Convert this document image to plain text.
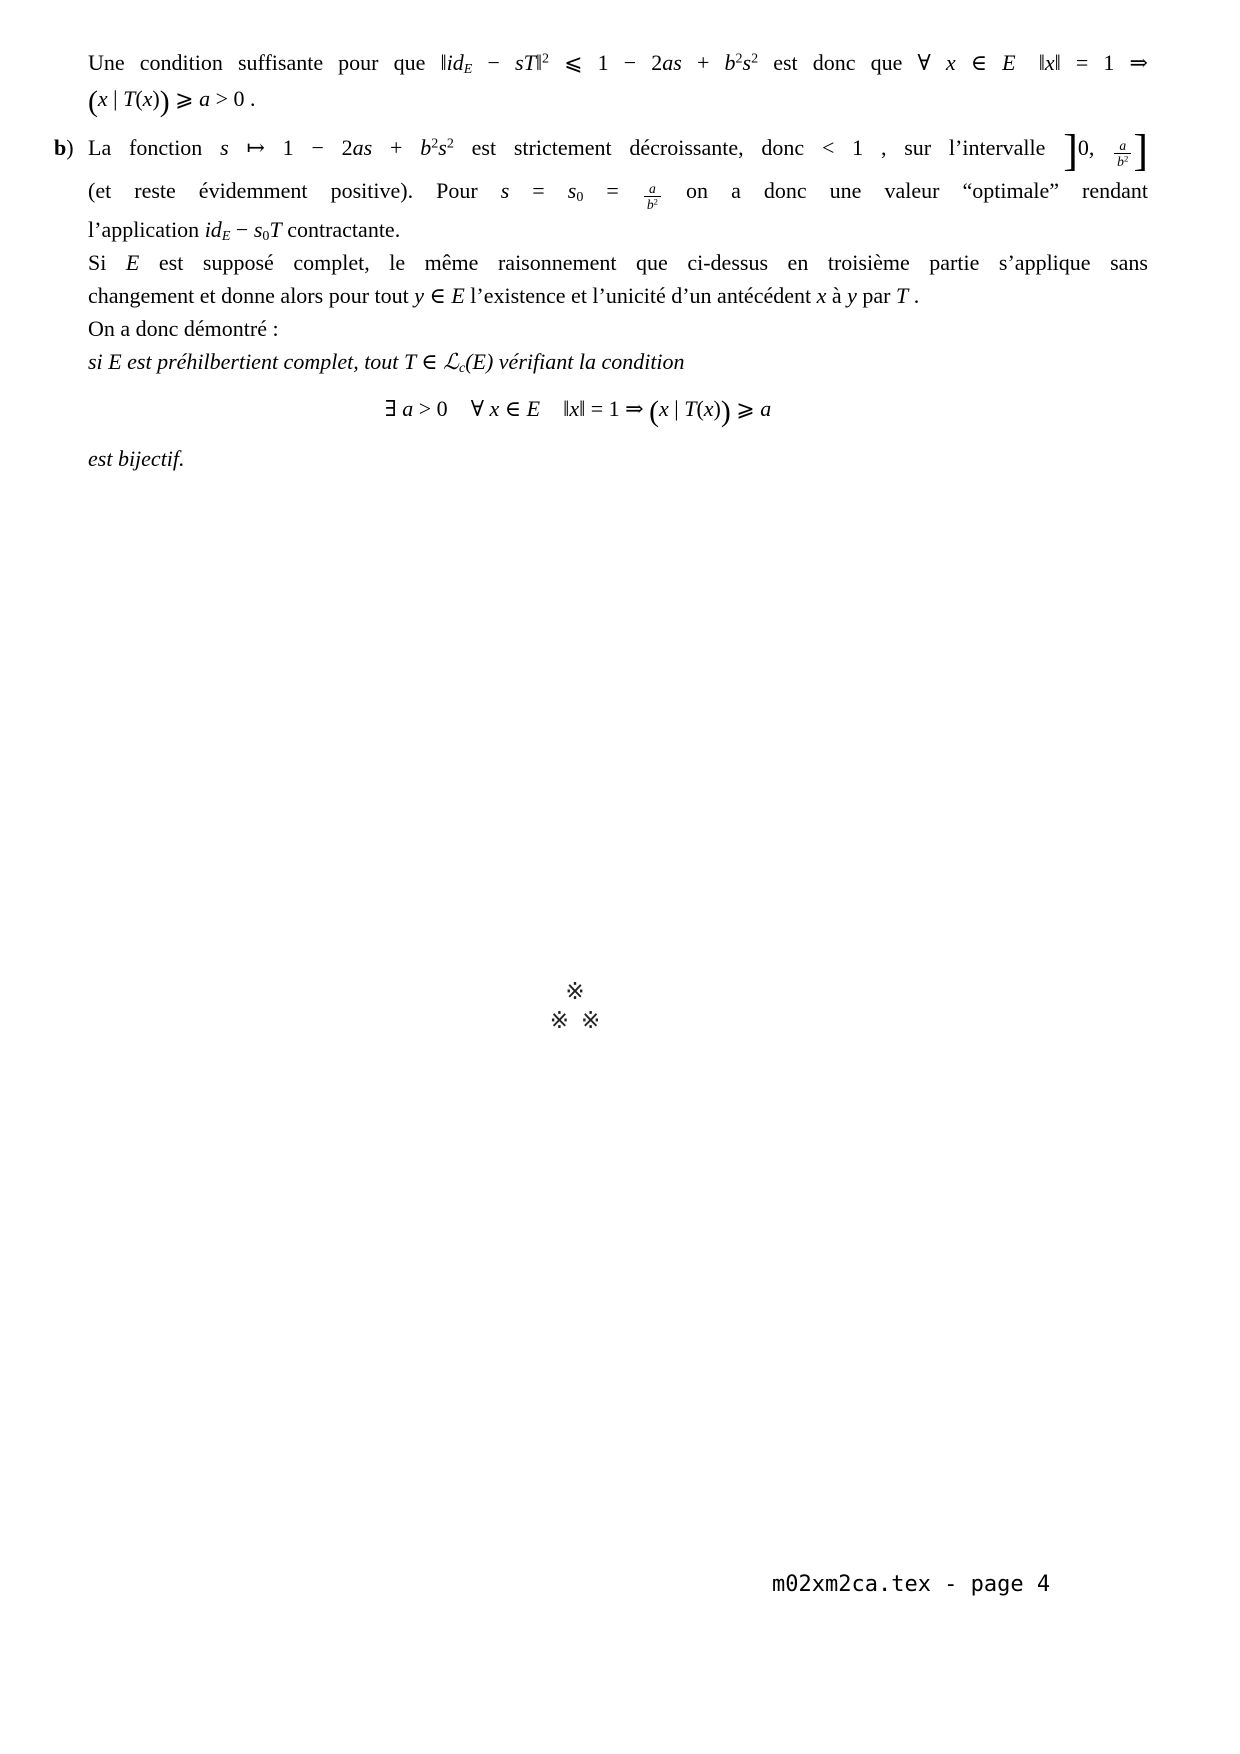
Une condition suffisante pour que $‖id_E$ − sT‖$^2$ ⩽ $1 - 2as + b^2s^2$ est donc que ∀ x ∈ E ‖x‖ = 1 ⇒
(x | T(x)) ⩾ a > 0 .
b) La fonction s ↦ $1 - 2as + b^2s^2$ est strictement décroissante, donc < 1 , sur l’intervalle ]0, $\frac{a}{b^2}$ ]
(et reste évidemment positive). Pour $s = s_0 = \frac{a}{b^2}$ on a donc une valeur “optimale” rendant
l’application $id_E - s_0T$ contractante.
Si E est supposé complet, le même raisonnement que ci-dessus en troisième partie s’applique sans
changement et donne alors pour tout y ∈ E l’existence et l’unicité d’un antécédent x à y par T .
On a donc démontré :
si E est préhilbertient complet, tout T ∈ ℒ$_c$(E) vérifiant la condition
∃ a > 0 ∀ x ∈ E ‖x‖ = 1 ⇒ (x | T(x)) ⩾ a
est bijectif.
※
※ ※
m02xm2ca.tex - page 4
